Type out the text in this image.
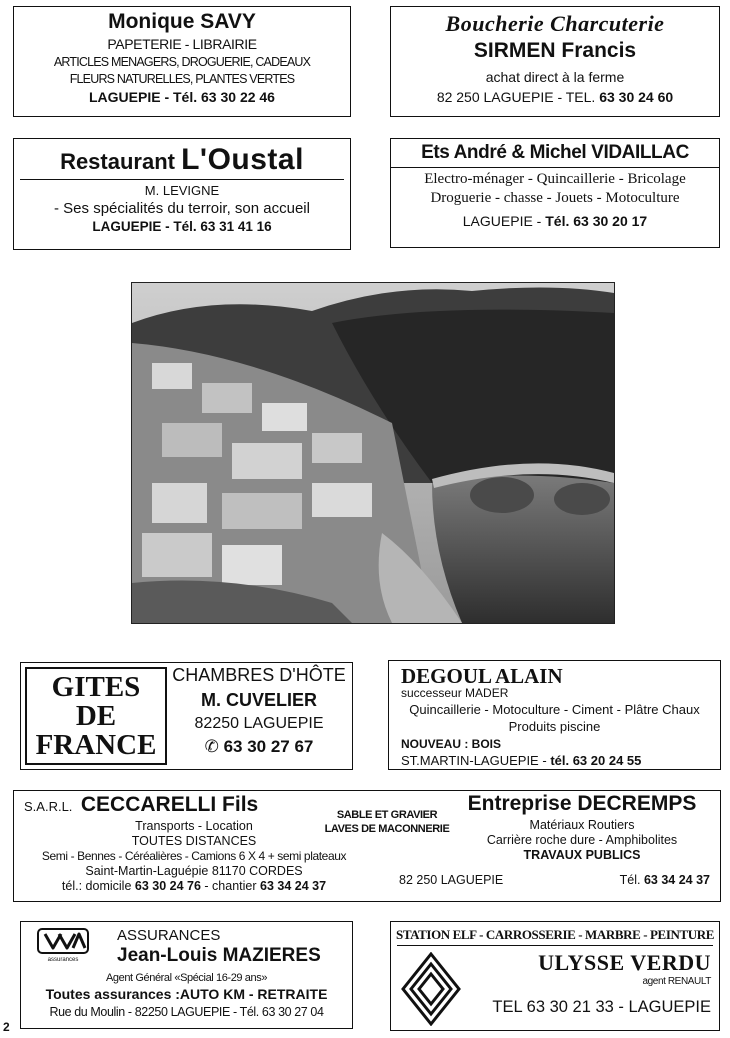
Monique SAVY
PAPETERIE - LIBRAIRIE
ARTICLES MENAGERS, DROGUERIE, CADEAUX
FLEURS NATURELLES, PLANTES VERTES
LAGUEPIE - Tél. 63 30 22 46
Boucherie Charcuterie
SIRMEN Francis
achat direct à la ferme
82 250 LAGUEPIE - TEL. 63 30 24 60
Restaurant L'Oustal
M. LEVIGNE
- Ses spécialités du terroir, son accueil
LAGUEPIE - Tél. 63 31 41 16
Ets André & Michel VIDAILLAC
Electro-ménager - Quincaillerie - Bricolage
Droguerie - chasse - Jouets - Motoculture
LAGUEPIE - Tél. 63 30 20 17
GITES
DE
FRANCE
CHAMBRES D'HÔTE
M. CUVELIER
82250 LAGUEPIE
✆ 63 30 27 67
DEGOUL ALAIN
successeur MADER
Quincaillerie - Motoculture - Ciment - Plâtre Chaux
Produits piscine
NOUVEAU : BOIS
ST.MARTIN-LAGUEPIE - tél. 63 20 24 55
S.A.R.L. CECCARELLI Fils
Transports - Location
TOUTES DISTANCES
Semi - Bennes - Céréalières - Camions 6 X 4 + semi plateaux
Saint-Martin-Laguépie 81170 CORDES
tél.: domicile 63 30 24 76 - chantier 63 34 24 37
SABLE ET GRAVIER
LAVES DE MACONNERIE
Entreprise DECREMPS
Matériaux Routiers
Carrière roche dure - Amphibolites
TRAVAUX PUBLICS
82 250 LAGUEPIE	Tél. 63 34 24 37
assurances
ASSURANCES
Jean-Louis MAZIERES
Agent Général «Spécial 16-29 ans»
Toutes assurances :AUTO KM - RETRAITE
Rue du Moulin - 82250 LAGUEPIE - Tél. 63 30 27 04
STATION ELF - CARROSSERIE - MARBRE - PEINTURE
ULYSSE VERDU
agent RENAULT
TEL 63 30 21 33 - LAGUEPIE
2
